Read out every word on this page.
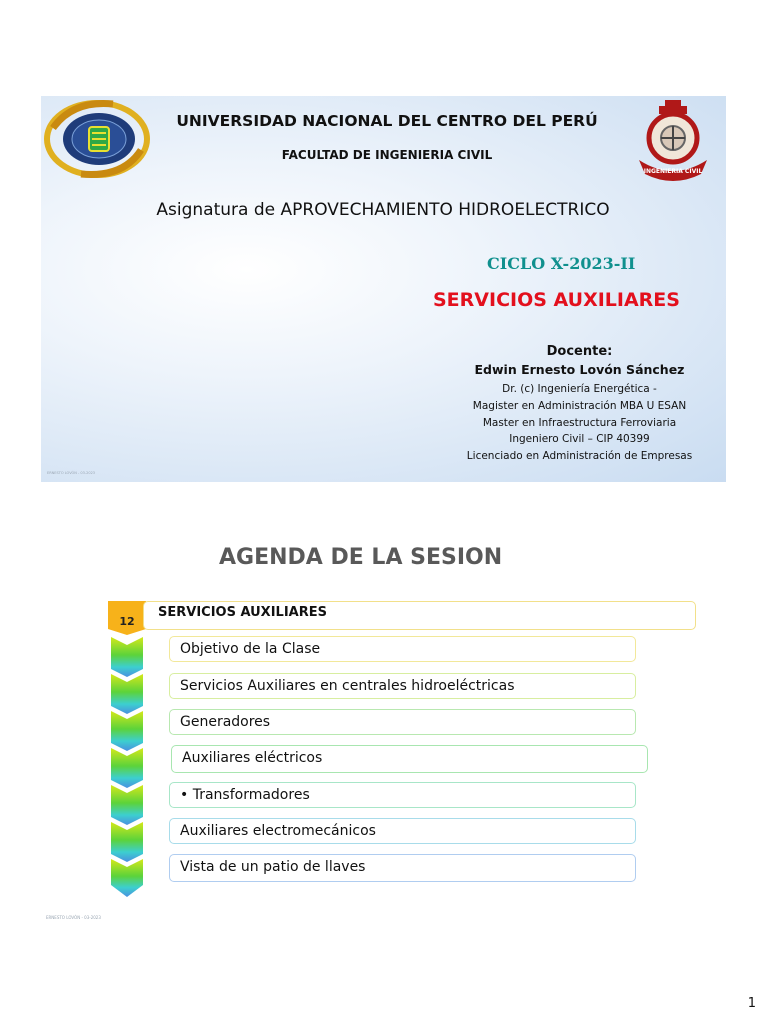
INGENIERIA CIVIL

UNIVERSIDAD NACIONAL DEL CENTRO DEL PERÚ

FACULTAD DE INGENIERIA CIVIL

Asignatura de APROVECHAMIENTO HIDROELECTRICO

CICLO X-2023-II

SERVICIOS AUXILIARES

Docente:

Edwin Ernesto Lovón Sánchez

Dr. (c) Ingeniería Energética -

Magister en Administración MBA U ESAN

Master en Infraestructura Ferroviaria

Ingeniero Civil – CIP 40399

Licenciado en Administración de Empresas

ERNESTO LOVÓN - 03-2023

AGENDA DE LA SESION

12
SERVICIOS AUXILIARES
Objetivo de la Clase
Servicios Auxiliares en centrales hidroeléctricas
Generadores
Auxiliares eléctricos
• Transformadores
Auxiliares electromecánicos
Vista de un patio de llaves

ERNESTO LOVÓN - 03-2023

1
